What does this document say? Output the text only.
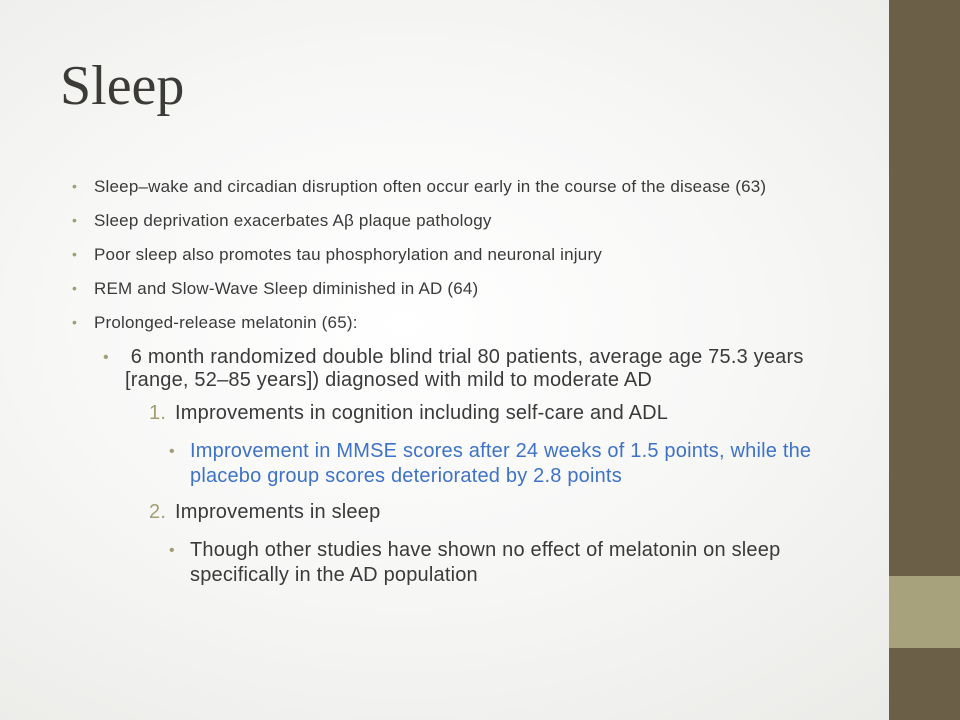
Sleep
• Sleep–wake and circadian disruption often occur early in the course of the disease (63)
• Sleep deprivation exacerbates Aβ plaque pathology
• Poor sleep also promotes tau phosphorylation and neuronal injury
• REM and Slow-Wave Sleep diminished in AD (64)
• Prolonged-release melatonin (65):
• 6 month randomized double blind trial 80 patients, average age 75.3 years [range, 52–85 years]) diagnosed with mild to moderate AD
1. Improvements in cognition including self-care and ADL
• Improvement in MMSE scores after 24 weeks of 1.5 points, while the placebo group scores deteriorated by 2.8 points
2. Improvements in sleep
• Though other studies have shown no effect of melatonin on sleep specifically in the AD population
